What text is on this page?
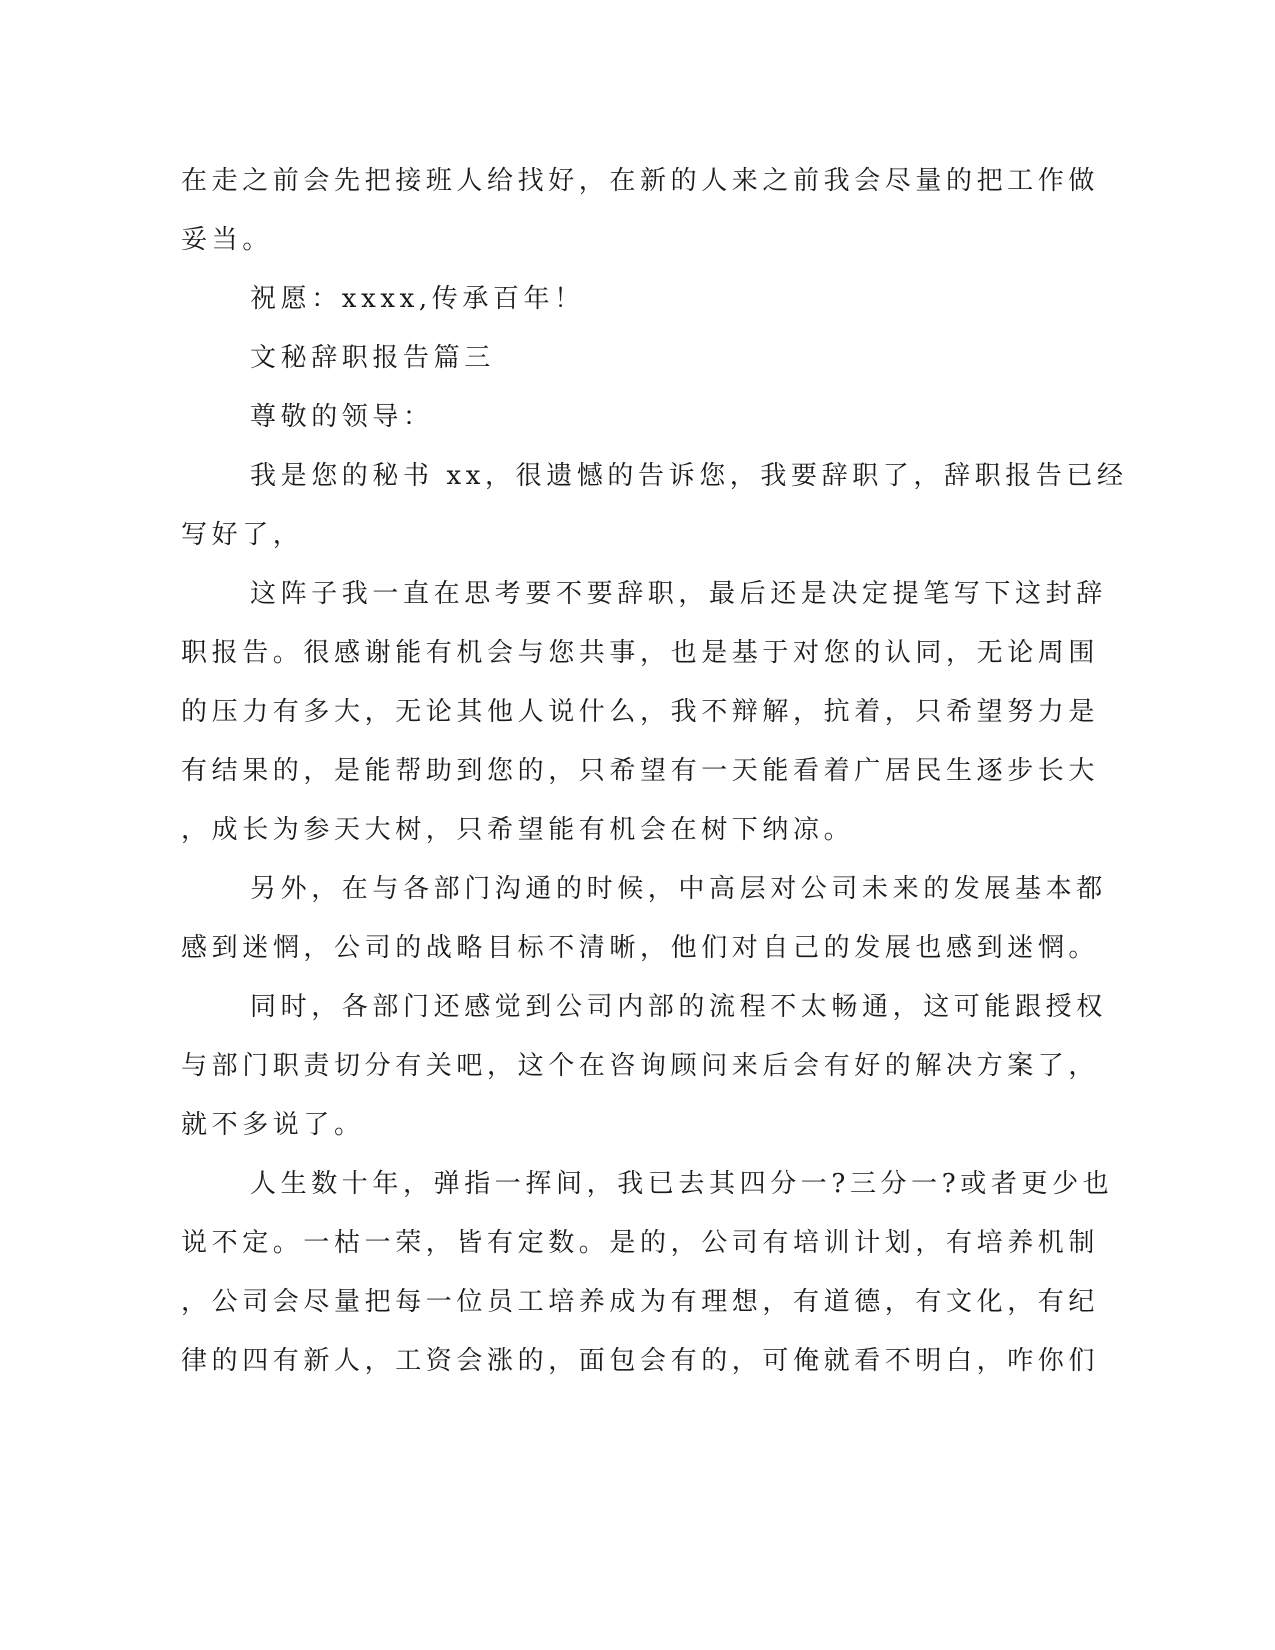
在走之前会先把接班人给找好，在新的人来之前我会尽量的把工作做
妥当。
祝愿：xxxx,传承百年！
文秘辞职报告篇三
尊敬的领导：
我是您的秘书 xx，很遗憾的告诉您，我要辞职了，辞职报告已经
写好了，
这阵子我一直在思考要不要辞职，最后还是决定提笔写下这封辞
职报告。很感谢能有机会与您共事，也是基于对您的认同，无论周围
的压力有多大，无论其他人说什么，我不辩解，抗着，只希望努力是
有结果的，是能帮助到您的，只希望有一天能看着广居民生逐步长大
，成长为参天大树，只希望能有机会在树下纳凉。
另外，在与各部门沟通的时候，中高层对公司未来的发展基本都
感到迷惘，公司的战略目标不清晰，他们对自己的发展也感到迷惘。
同时，各部门还感觉到公司内部的流程不太畅通，这可能跟授权
与部门职责切分有关吧，这个在咨询顾问来后会有好的解决方案了，
就不多说了。
人生数十年，弹指一挥间，我已去其四分一?三分一?或者更少也
说不定。一枯一荣，皆有定数。是的，公司有培训计划，有培养机制
，公司会尽量把每一位员工培养成为有理想，有道德，有文化，有纪
律的四有新人，工资会涨的，面包会有的，可俺就看不明白，咋你们
